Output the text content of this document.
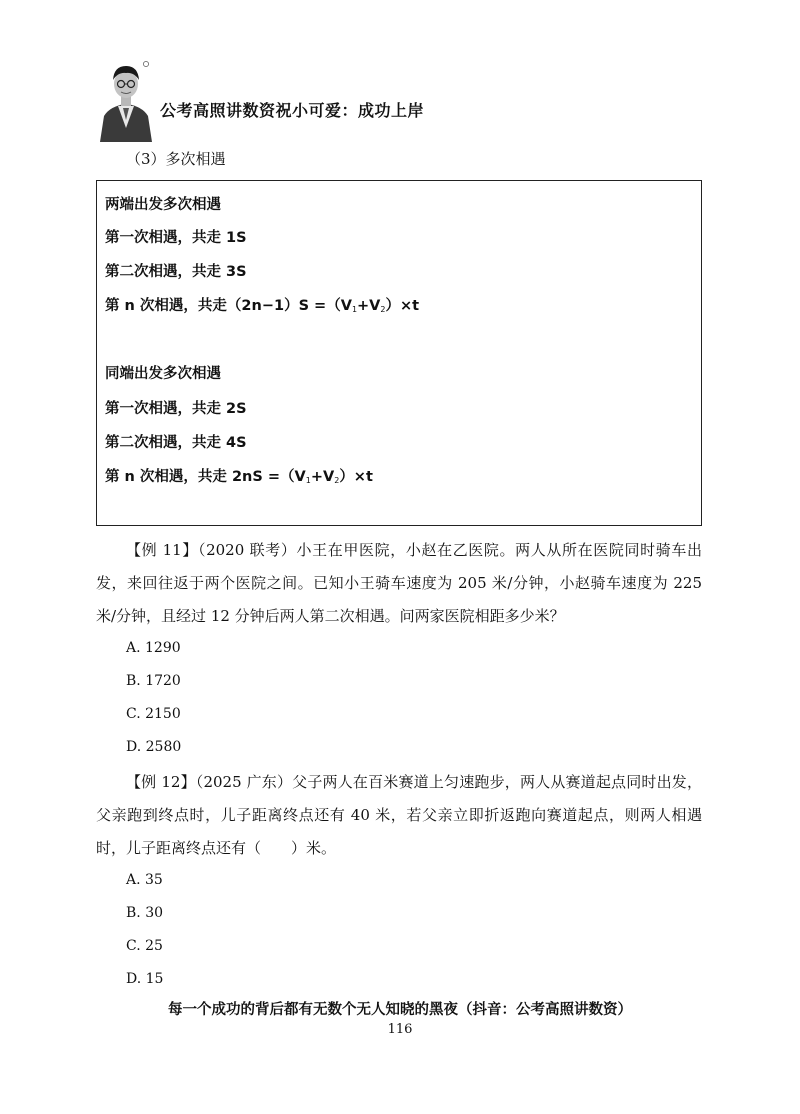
公考高照讲数资祝小可爱：成功上岸
（3）多次相遇
两端出发多次相遇
第一次相遇，共走 1S
第二次相遇，共走 3S
第 n 次相遇，共走$(2n-1)S =(V_1+V_2)\times t$
同端出发多次相遇
第一次相遇，共走 2S
第二次相遇，共走 4S
第 n 次相遇，共走 $2nS =(V_1+V_2)\times t$
【例 11】（2020 联考）小王在甲医院，小赵在乙医院。两人从所在医院同时骑车出发，来回往返于两个医院之间。已知小王骑车速度为 205 米/分钟，小赵骑车速度为 225 米/分钟，且经过 12 分钟后两人第二次相遇。问两家医院相距多少米？
A. 1290
B. 1720
C. 2150
D. 2580
【例 12】（2025 广东）父子两人在百米赛道上匀速跑步，两人从赛道起点同时出发，父亲跑到终点时，儿子距离终点还有 40 米，若父亲立即折返跑向赛道起点，则两人相遇时，儿子距离终点还有（　　）米。
A. 35
B. 30
C. 25
D. 15
每一个成功的背后都有无数个无人知晓的黑夜（抖音：公考高照讲数资）
116
